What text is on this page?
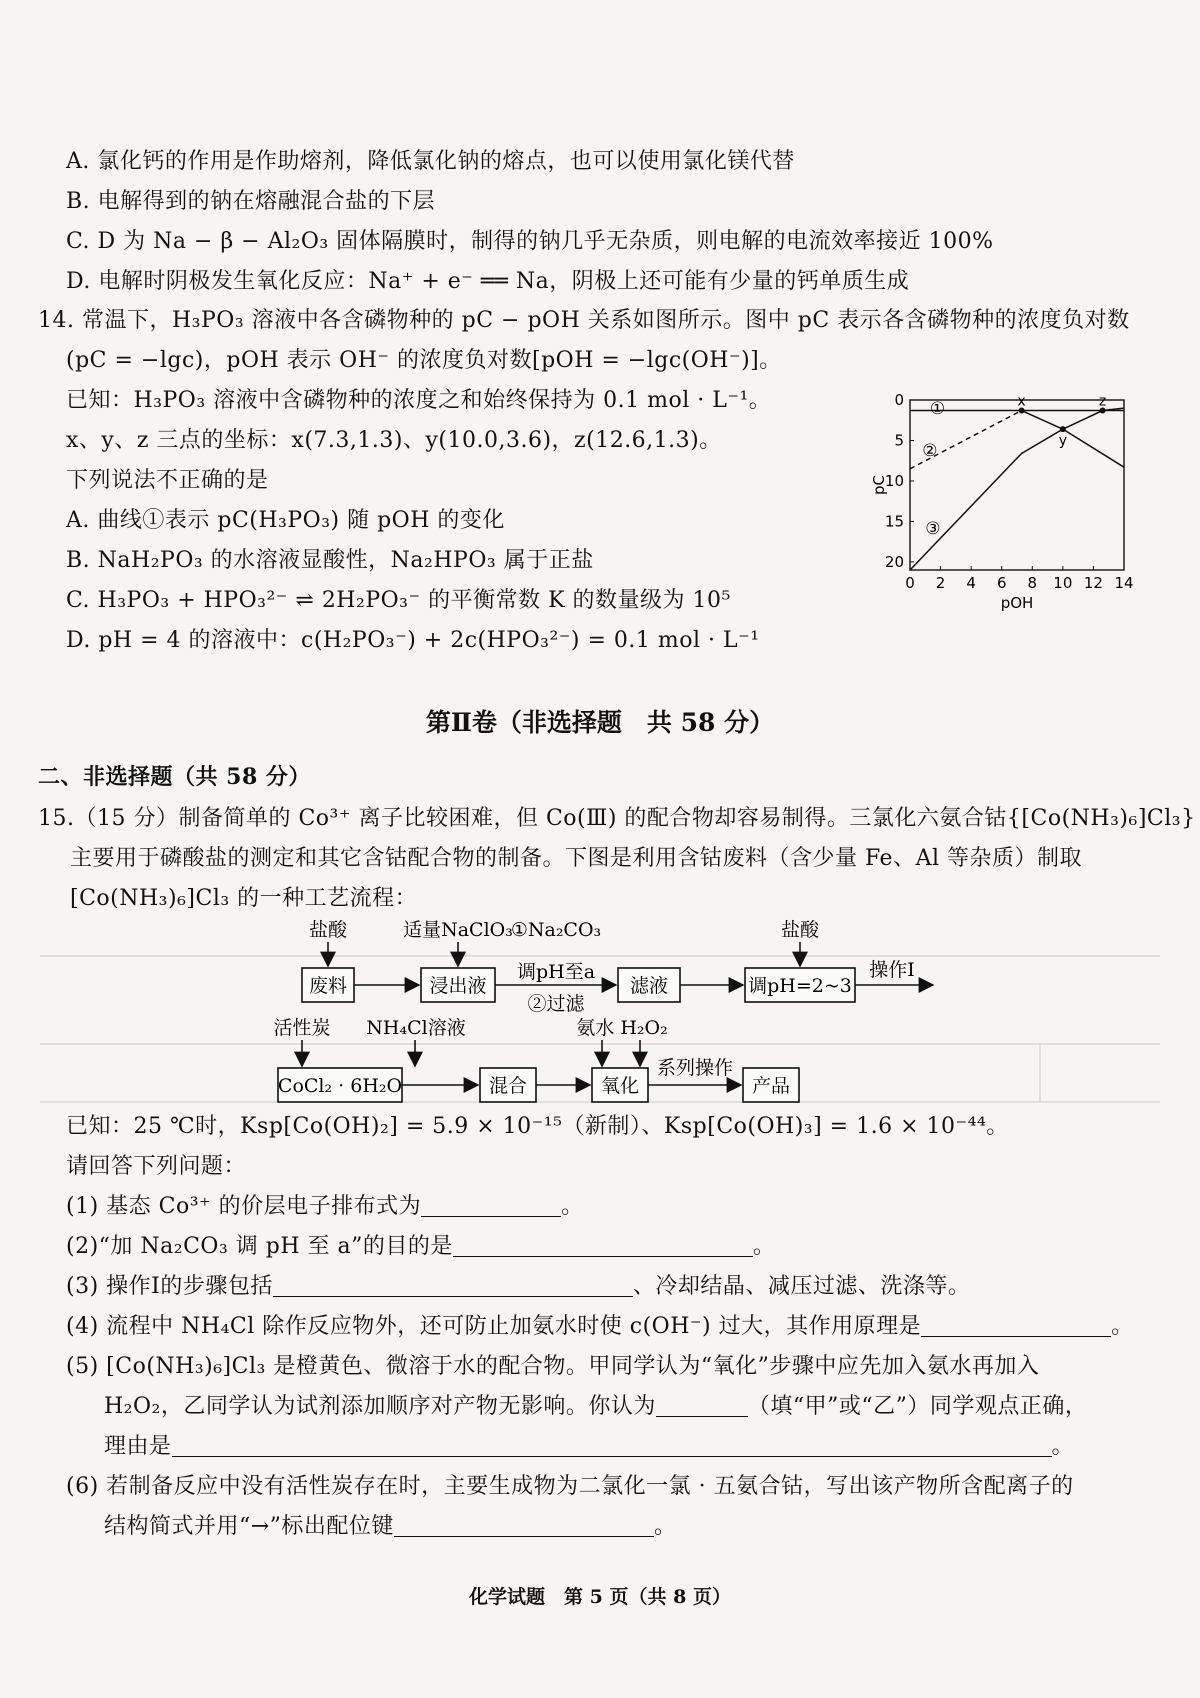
A. 氯化钙的作用是作助熔剂，降低氯化钠的熔点，也可以使用氯化镁代替
B. 电解得到的钠在熔融混合盐的下层
C. D 为 Na − β − Al₂O₃ 固体隔膜时，制得的钠几乎无杂质，则电解的电流效率接近 100%
D. 电解时阴极发生氧化反应：Na⁺ + e⁻ ══ Na，阴极上还可能有少量的钙单质生成
14. 常温下，H₃PO₃ 溶液中各含磷物种的 pC − pOH 关系如图所示。图中 pC 表示各含磷物种的浓度负对数
(pC = −lgc)，pOH 表示 OH⁻ 的浓度负对数[pOH = −lgc(OH⁻)]。
已知：H₃PO₃ 溶液中含磷物种的浓度之和始终保持为 0.1 mol · L⁻¹。
x、y、z 三点的坐标：x(7.3,1.3)、y(10.0,3.6)，z(12.6,1.3)。
下列说法不正确的是
A. 曲线①表示 pC(H₃PO₃) 随 pOH 的变化
B. NaH₂PO₃ 的水溶液显酸性，Na₂HPO₃ 属于正盐
C. H₃PO₃ + HPO₃²⁻ ⇌ 2H₂PO₃⁻ 的平衡常数 K 的数量级为 10⁵
D. pH = 4 的溶液中：c(H₂PO₃⁻) + 2c(HPO₃²⁻) = 0.1 mol · L⁻¹
0 2 4 6 8 10 12 14
0
5
10
15
20
pOH
pC
①
②
③
x
y
z
第Ⅱ卷（非选择题　共 58 分）
二、非选择题（共 58 分）
15.（15 分）制备简单的 Co³⁺ 离子比较困难，但 Co(Ⅲ) 的配合物却容易制得。三氯化六氨合钴{[Co(NH₃)₆]Cl₃}
主要用于磷酸盐的测定和其它含钴配合物的制备。下图是利用含钴废料（含少量 Fe、Al 等杂质）制取
[Co(NH₃)₆]Cl₃ 的一种工艺流程：
废料	浸出液	滤液	调pH=2~3
盐酸	适量NaClO₃
①Na₂CO₃
调pH至a
②过滤
盐酸
操作Ⅰ
CoCl₂ · 6H₂O	混合	氧化	产品
活性炭 NH₄Cl溶液	氨水 H₂O₂
系列操作
已知：25 ℃时，Ksp[Co(OH)₂] = 5.9 × 10⁻¹⁵（新制）、Ksp[Co(OH)₃] = 1.6 × 10⁻⁴⁴。
请回答下列问题：
(1) 基态 Co³⁺ 的价层电子排布式为	。
(2)“加 Na₂CO₃ 调 pH 至 a”的目的是	。
(3) 操作Ⅰ的步骤包括	、冷却结晶、减压过滤、洗涤等。
(4) 流程中 NH₄Cl 除作反应物外，还可防止加氨水时使 c(OH⁻) 过大，其作用原理是	。
(5) [Co(NH₃)₆]Cl₃ 是橙黄色、微溶于水的配合物。甲同学认为“氧化”步骤中应先加入氨水再加入
H₂O₂，乙同学认为试剂添加顺序对产物无影响。你认为	（填“甲”或“乙”）同学观点正确，
理由是	。
(6) 若制备反应中没有活性炭存在时，主要生成物为二氯化一氯 · 五氨合钴，写出该产物所含配离子的
结构简式并用“→”标出配位键	。
化学试题　第 5 页（共 8 页）
